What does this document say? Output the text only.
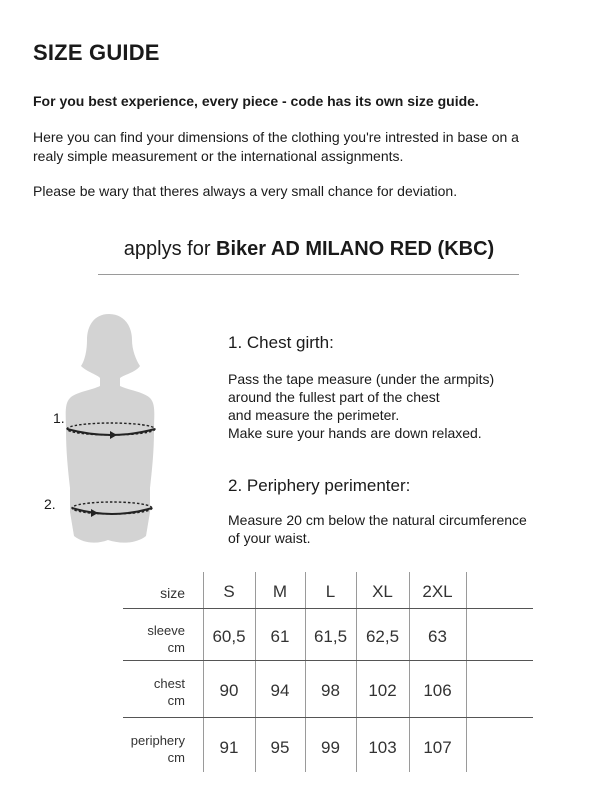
SIZE GUIDE
For you best experience, every piece - code has its own size guide.
Here you can find your dimensions of the clothing you're intrested in base on a
realy simple measurement or the international assignments.
Please be wary that theres always a very small chance for deviation.
applys for Biker AD MILANO RED (KBC)
1.
2.
1. Chest girth:
Pass the tape measure (under the armpits)
around the fullest part of the chest
and measure the perimeter.
Make sure your hands are down relaxed.
2. Periphery perimenter:
Measure 20 cm below the natural circumference
of your waist.
size	S	M	L	XL	2XL
sleeve
cm
60,5	61	61,5	62,5	63
chest
cm
90	94	98	102	106
periphery
cm
91	95	99	103	107
